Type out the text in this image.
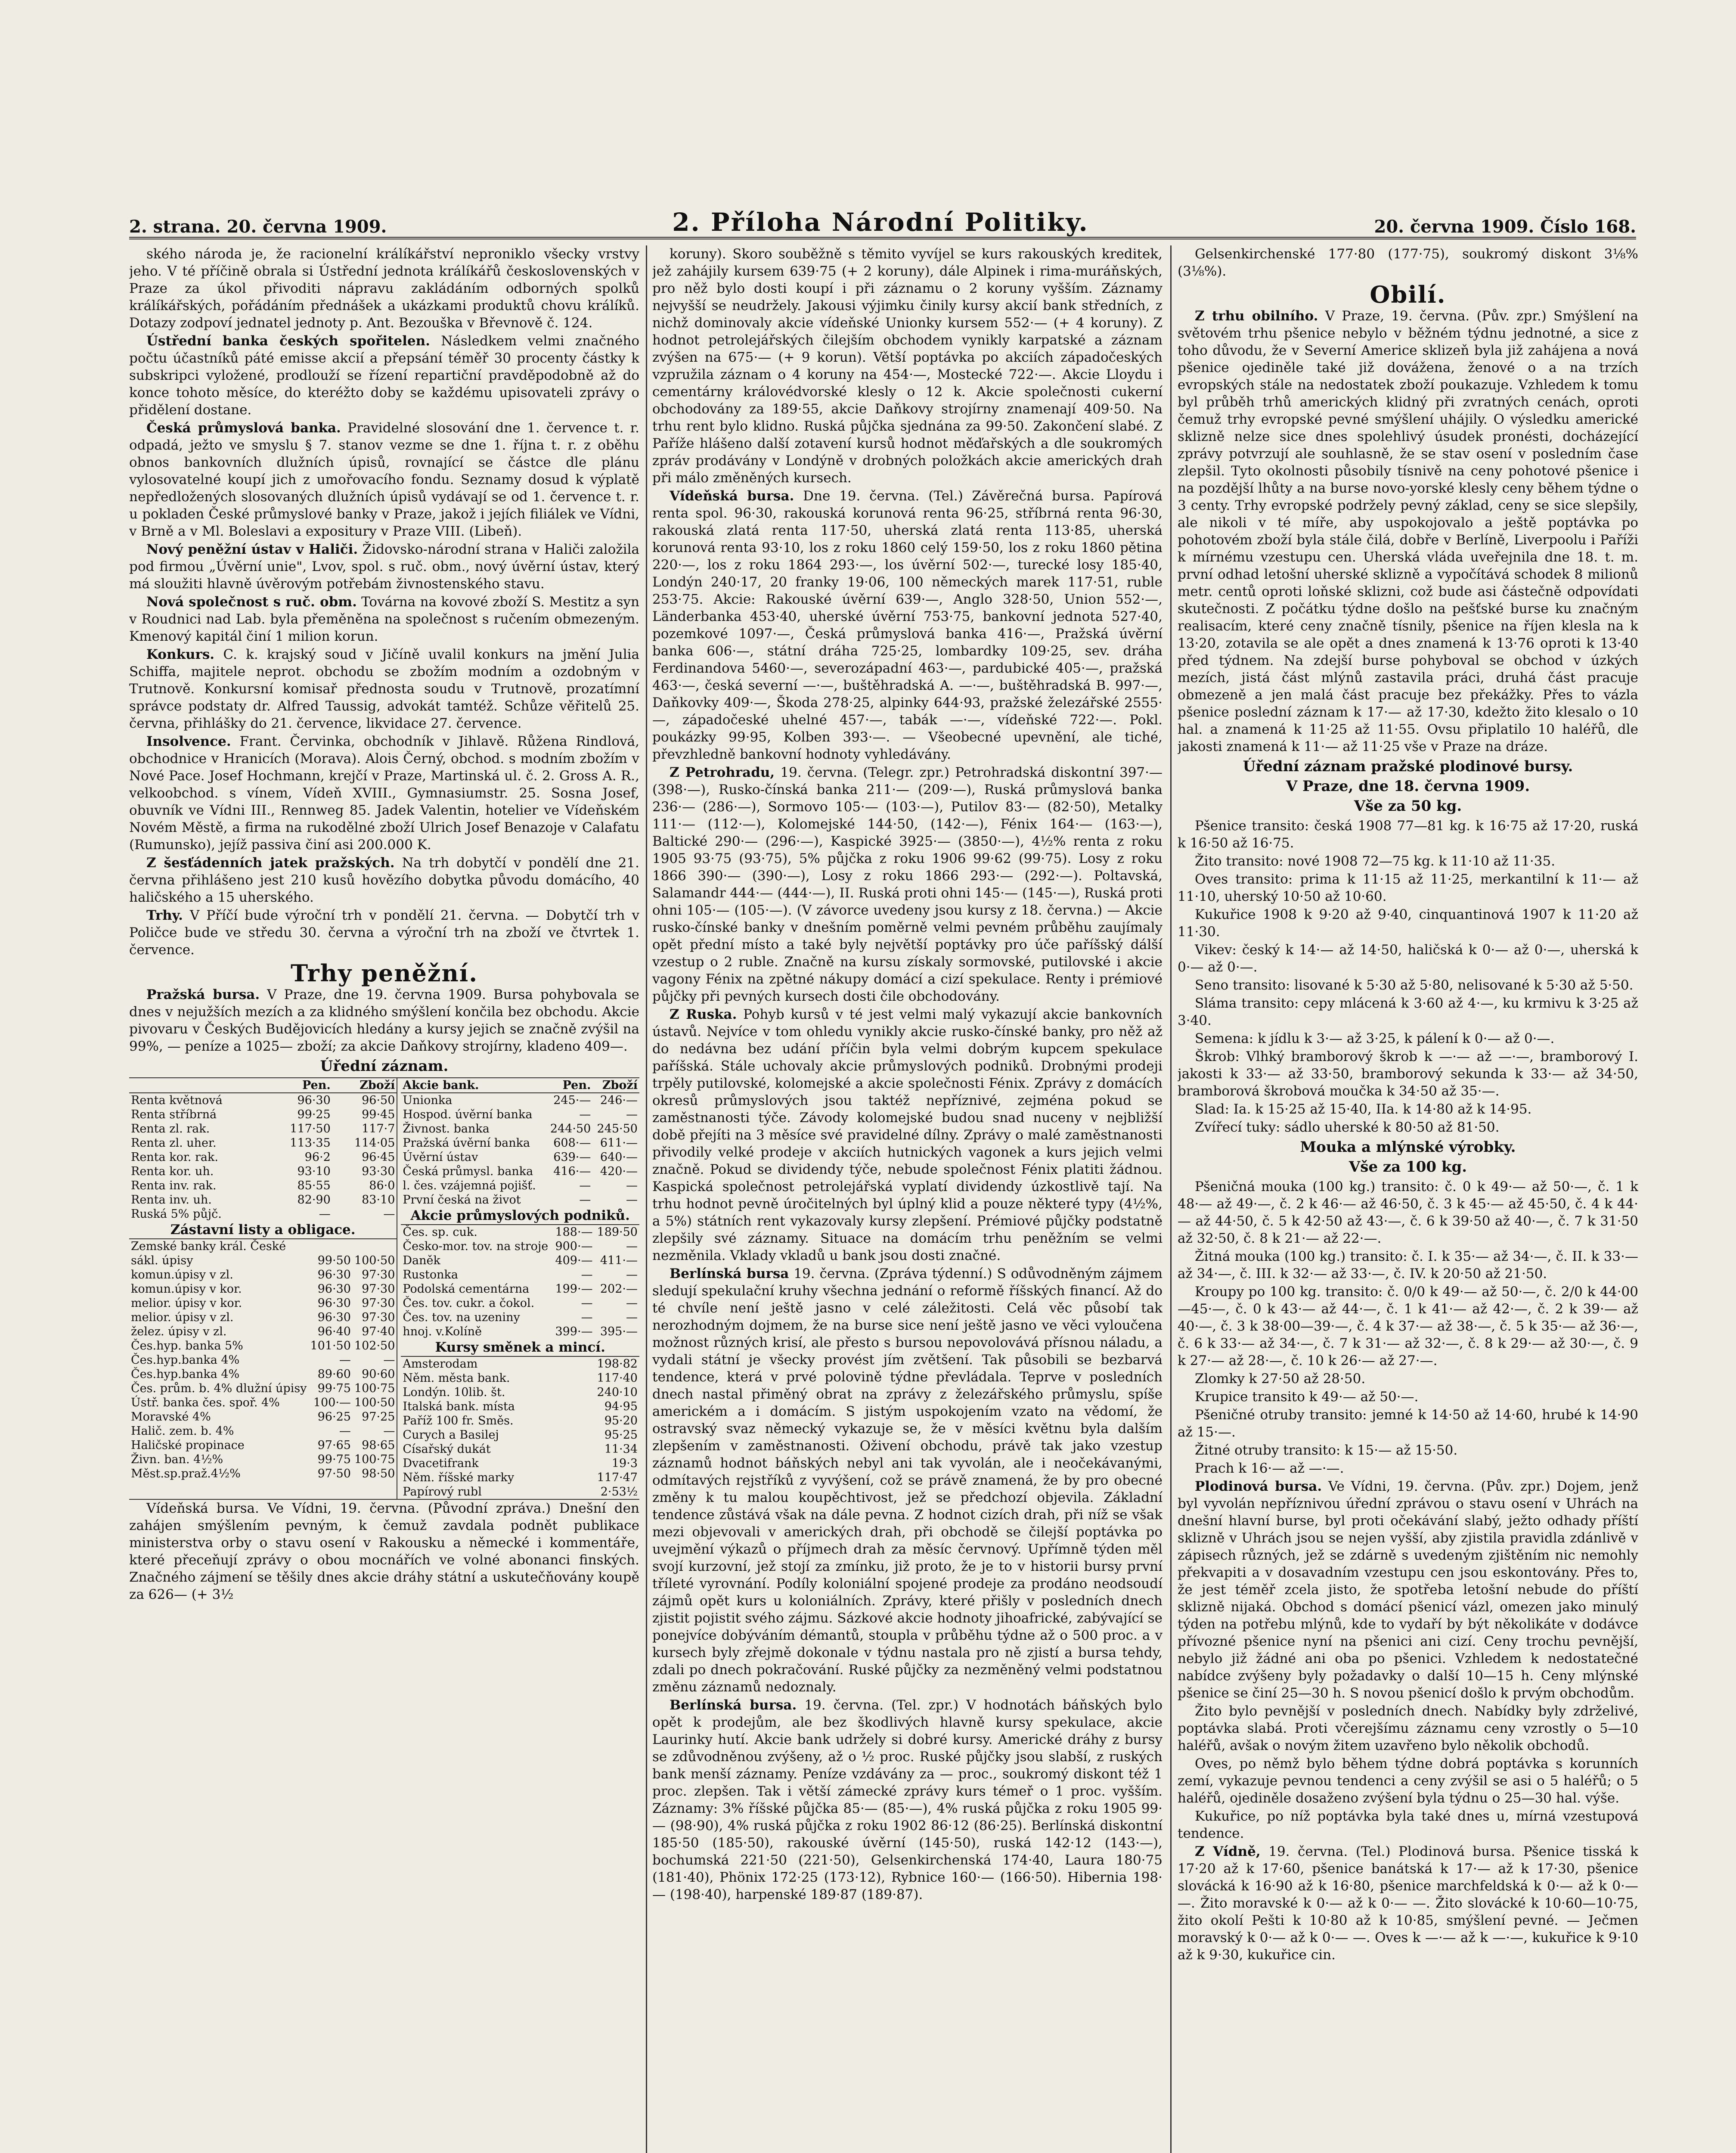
2. strana. 20. června 1909.	2. Příloha Národní Politiky.	20. června 1909. Číslo 168.

ského národa je, že racionelní králíkářství neproniklo všecky vrstvy jeho. V té příčině obrala si Ústřední jednota králíkářů československých v Praze za úkol přivoditi nápravu zakládáním odborných spolků králíkářských, pořádáním přednášek a ukázkami produktů chovu králíků. Dotazy zodpoví jednatel jednoty p. Ant. Bezouška v Břevnově č. 124.

Ústřední banka českých spořitelen. Následkem velmi značného počtu účastníků páté emisse akcií a přepsání téměř 30 procenty částky k subskripci vyložené, prodlouží se řízení repartiční pravděpodobně až do konce tohoto měsíce, do kteréžto doby se každému upisovateli zprávy o přidělení dostane.

Česká průmyslová banka. Pravidelné slosování dne 1. července t. r. odpadá, ježto ve smyslu § 7. stanov vezme se dne 1. října t. r. z oběhu obnos bankovních dlužních úpisů, rovnající se částce dle plánu vylosovatelné koupí jich z umořovacího fondu. Seznamy dosud k výplatě nepředložených slosovaných dlužních úpisů vydávají se od 1. července t. r. u pokladen České průmyslové banky v Praze, jakož i jejích filiálek ve Vídni, v Brně a v Ml. Boleslavi a expositury v Praze VIII. (Libeň).

Nový peněžní ústav v Haliči. Židovsko-národní strana v Haliči založila pod firmou „Úvěrní unie", Lvov, spol. s ruč. obm., nový úvěrní ústav, který má sloužiti hlavně úvěrovým potřebám živnostenského stavu.

Nová společnost s ruč. obm. Továrna na kovové zboží S. Mestitz a syn v Roudnici nad Lab. byla přeměněna na společnost s ručením obmezeným. Kmenový kapitál činí 1 milion korun.

Konkurs. C. k. krajský soud v Jičíně uvalil konkurs na jmění Julia Schiffa, majitele neprot. obchodu se zbožím modním a ozdobným v Trutnově. Konkursní komisař přednosta soudu v Trutnově, prozatímní správce podstaty dr. Alfred Taussig, advokát tamtéž. Schůze věřitelů 25. června, přihlášky do 21. července, likvidace 27. července.

Insolvence. Frant. Červinka, obchodník v Jihlavě. Růžena Rindlová, obchodnice v Hranicích (Morava). Alois Černý, obchod. s modním zbožím v Nové Pace. Josef Hochmann, krejčí v Praze, Martinská ul. č. 2. Gross A. R., velkoobchod. s vínem, Vídeň XVIII., Gymnasiumstr. 25. Sosna Josef, obuvník ve Vídni III., Rennweg 85. Jadek Valentin, hotelier ve Vídeňském Novém Městě, a firma na rukodělné zboží Ulrich Josef Benazoje v Calafatu (Rumunsko), jejíž passiva činí asi 200.000 K.

Z šesťádenních jatek pražských. Na trh dobytčí v pondělí dne 21. června přihlášeno jest 210 kusů hovězího dobytka původu domácího, 40 haličského a 15 uherského.

Trhy. V Příčí bude výroční trh v pondělí 21. června. — Dobytčí trh v Poličce bude ve středu 30. června a výroční trh na zboží ve čtvrtek 1. července.

Trhy peněžní.

Pražská bursa. V Praze, dne 19. června 1909. Bursa pohybovala se dnes v nejužších mezích a za klidného smýšlení končila bez obchodu. Akcie pivovaru v Českých Budějovicích hledány a kursy jejich se značně zvýšil na 99%, — peníze a 1025— zboží; za akcie Daňkovy strojírny, kladeno 409—.

Úřední záznam.
	Pen.	Zboží
Renta květnová	96·30	96·50
Renta stříbrná	99·25	99·45
Renta zl. rak.	117·50	117·7
Renta zl. uher.	113·35	114·05
Renta kor. rak.	96·2	96·45
Renta kor. uh.	93·10	93·30
Renta inv. rak.	85·55	86·0
Renta inv. uh.	82·90	83·10
Ruská 5% půjč.	—	—
Zástavní listy a obligace.
Zemské banky král. České		
sákl. úpisy	99·50	100·50
komun.úpisy v zl.	96·30	97·30
komun.úpisy v kor.	96·30	97·30
melior. úpisy v kor.	96·30	97·30
melior. úpisy v zl.	96·30	97·30
želez. úpisy v zl.	96·40	97·40
Čes.hyp. banka 5%	101·50	102·50
Čes.hyp.banka 4%	—	—
Čes.hyp.banka 4%	89·60	90·60
Čes. prům. b. 4% dlužní úpisy	99·75	100·75
Ústř. banka čes. spoř. 4%	100·—	100·50
Moravské 4%	96·25	97·25
Halič. zem. b. 4%	—	—
Haličské propinace	97·65	98·65
Živn. ban. 4½%	99·75	100·75
Měst.sp.praž.4½%	97·50	98·50
Akcie bank.	Pen.	Zboží
Unionka	245·—	246·—
Hospod. úvěrní banka	—	—
Živnost. banka	244·50	245·50
Pražská úvěrní banka	608·—	611·—
Úvěrní ústav	639·—	640·—
Česká průmysl. banka	416·—	420·—
l. čes. vzájemná pojišť.	—	—
První česká na život	—	—
Akcie průmyslových podniků.
Čes. sp. cuk.	188·—	189·50
Česko-mor. tov. na stroje	900·—	—
Daněk	409·—	411·—
Rustonka	—	—
Podolská cementárna	199·—	202·—
Čes. tov. cukr. a čokol.	—	—
Čes. tov. na uzeniny	—	—
hnoj. v.Kolíně	399·—	395·—
Kursy směnek a mincí.
Amsterodam	198·82
Něm. města bank.	117·40
Londýn. 10lib. št.	240·10
Italská bank. místa	94·95
Paříž 100 fr. Směs.	95·20
Curych a Basilej	95·25
Císařský dukát	11·34
Dvacetifrank	19·3
Něm. říšské marky	117·47
Papírový rubl	2·53½

Vídeňská bursa. Ve Vídni, 19. června. (Původní zpráva.) Dnešní den zahájen smýšlením pevným, k čemuž zavdala podnět publikace ministerstva orby o stavu osení v Rakousku a německé i kommentáře, které přeceňují zprávy o obou mocnářích ve volné abonanci finských. Značného zájmení se těšily dnes akcie dráhy státní a uskutečňovány koupě za 626— (+ 3½

koruny). Skoro souběžně s těmito vyvíjel se kurs rakouských kreditek, jež zahájily kursem 639·75 (+ 2 koruny), dále Alpinek i rima-muráňských, pro něž bylo dosti koupí i při záznamu o 2 koruny vyšším. Záznamy nejvyšší se neudržely. Jakousi výjimku činily kursy akcií bank středních, z nichž dominovaly akcie vídeňské Unionky kursem 552·— (+ 4 koruny). Z hodnot petrolejářských čilejším obchodem vynikly karpatské a záznam zvýšen na 675·— (+ 9 korun). Větší poptávka po akciích západočeských vzpružila záznam o 4 koruny na 454·—, Mostecké 722·—. Akcie Lloydu i cementárny královédvorské klesly o 12 k. Akcie společnosti cukerní obchodovány za 189·55, akcie Daňkovy strojírny znamenají 409·50. Na trhu rent bylo klidno. Ruská půjčka sjednána za 99·50. Zakončení slabé. Z Paříže hlášeno další zotavení kursů hodnot měďařských a dle soukromých zpráv prodávány v Londýně v drobných položkách akcie amerických drah při málo změněných kursech.

Vídeňská bursa. Dne 19. června. (Tel.) Závěrečná bursa. Papírová renta spol. 96·30, rakouská korunová renta 96·25, stříbrná renta 96·30, rakouská zlatá renta 117·50, uherská zlatá renta 113·85, uherská korunová renta 93·10, los z roku 1860 celý 159·50, los z roku 1860 pětina 220·—, los z roku 1864 293·—, los úvěrní 502·—, turecké losy 185·40, Londýn 240·17, 20 franky 19·06, 100 německých marek 117·51, ruble 253·75. Akcie: Rakouské úvěrní 639·—, Anglo 328·50, Union 552·—, Länderbanka 453·40, uherské úvěrní 753·75, bankovní jednota 527·40, pozemkové 1097·—, Česká průmyslová banka 416·—, Pražská úvěrní banka 606·—, státní dráha 725·25, lombardky 109·25, sev. dráha Ferdinandova 5460·—, severozápadní 463·—, pardubické 405·—, pražská 463·—, česká severní —·—, buštěhradská A. —·—, buštěhradská B. 997·—, Daňkovky 409·—, Škoda 278·25, alpinky 644·93, pražské železářské 2555·—, západočeské uhelné 457·—, tabák —·—, vídeňské 722·—. Pokl. poukázky 99·95, Kolben 393·—. — Všeobecné upevnění, ale tiché, převzhledně bankovní hodnoty vyhledávány.

Z Petrohradu, 19. června. (Telegr. zpr.) Petrohradská diskontní 397·— (398·—), Rusko-čínská banka 211·— (209·—), Ruská průmyslová banka 236·— (286·—), Sormovo 105·— (103·—), Putilov 83·— (82·50), Metalky 111·— (112·—), Kolomejské 144·50, (142·—), Fénix 164·— (163·—), Baltické 290·— (296·—), Kaspické 3925·— (3850·—), 4½% renta z roku 1905 93·75 (93·75), 5% půjčka z roku 1906 99·62 (99·75). Losy z roku 1866 390·— (390·—), Losy z roku 1866 293·— (292·—). Poltavská, Salamandr 444·— (444·—), II. Ruská proti ohni 145·— (145·—), Ruská proti ohni 105·— (105·—). (V závorce uvedeny jsou kursy z 18. června.) — Akcie rusko-čínské banky v dnešním poměrně velmi pevném průběhu zaujímaly opět přední místo a také byly největší poptávky pro úče paříšský dálší vzestup o 2 ruble. Značně na kursu získaly sormovské, putilovské i akcie vagony Fénix na zpětné nákupy domácí a cizí spekulace. Renty i prémiové půjčky při pevných kursech dosti čile obchodovány.

Z Ruska. Pohyb kursů v té jest velmi malý vykazují akcie bankovních ústavů. Nejvíce v tom ohledu vynikly akcie rusko-čínské banky, pro něž až do nedávna bez udání příčin byla velmi dobrým kupcem spekulace paříšská. Stále uchovaly akcie průmyslových podniků. Drobnými prodeji trpěly putilovské, kolomejské a akcie společnosti Fénix. Zprávy z domácích okresů průmyslových jsou taktéž nepříznivé, zejména pokud se zaměstnanosti týče. Závody kolomejské budou snad nuceny v nejbližší době přejíti na 3 měsíce své pravidelné dílny. Zprávy o malé zaměstnanosti přivodily velké prodeje v akciích hutnických vagonek a kurs jejich velmi značně. Pokud se dividendy týče, nebude společnost Fénix platiti žádnou. Kaspická společnost petrolejářská vyplatí dividendy úzkostlivě tají. Na trhu hodnot pevně úročitelných byl úplný klid a pouze některé typy (4½%, a 5%) státních rent vykazovaly kursy zlepšení. Prémiové půjčky podstatně zlepšily své záznamy. Situace na domácím trhu peněžním se velmi nezměnila. Vklady vkladů u bank jsou dosti značné.

Berlínská bursa 19. června. (Zpráva týdenní.) S odůvodněným zájmem sledují spekulační kruhy všechna jednání o reformě říšských financí. Až do té chvíle není ještě jasno v celé záležitosti. Celá věc působí tak nerozhodným dojmem, že na burse sice není ještě jasno ve věci vyloučena možnost různých krisí, ale přesto s bursou nepovolovává přísnou náladu, a vydali státní je všecky provést jím zvětšení. Tak působili se bezbarvá tendence, která v prvé polovině týdne převládala. Teprve v posledních dnech nastal přiměný obrat na zprávy z železářského průmyslu, spíše americkém a i domácím. S jistým uspokojením vzato na vědomí, že ostravský svaz německý vykazuje se, že v měsíci květnu byla dalším zlepšením v zaměstnanosti. Oživení obchodu, právě tak jako vzestup záznamů hodnot báňských nebyl ani tak vyvolán, ale i neočekávanými, odmítavých rejstříků z vyvýšení, což se právě znamená, že by pro obecné změny k tu malou koupěchtivost, jež se předchozí objevila. Základní tendence zůstává však na dále pevna. Z hodnot cizích drah, při níž se však mezi objevovali v amerických drah, při obchodě se čilejší poptávka po uvejmění výkazů o příjmech drah za měsíc červnový. Upřímně týden měl svojí kurzovní, jež stojí za zmínku, již proto, že je to v historii bursy první tříleté vyrovnání. Podíly koloniální spojené prodeje za prodáno neodsoudí zájmů opět kurs u koloniálních. Zprávy, které přišly v posledních dnech zjistit pojistit svého zájmu. Sázkové akcie hodnoty jihoafrické, zabývající se ponejvíce dobýváním démantů, stoupla v průběhu týdne až o 500 proc. a v kursech byly zřejmě dokonale v týdnu nastala pro ně zjistí a bursa tehdy, zdali po dnech pokračování. Ruské půjčky za nezměněný velmi podstatnou změnu záznamů nedoznaly.

Berlínská bursa. 19. června. (Tel. zpr.) V hodnotách báňských bylo opět k prodejům, ale bez škodlivých hlavně kursy spekulace, akcie Laurinky hutí. Akcie bank udržely si dobré kursy. Americké dráhy z bursy se zdůvodněnou zvýšeny, až o ½ proc. Ruské půjčky jsou slabší, z ruských bank menší záznamy. Peníze vzdávány za — proc., soukromý diskont též 1 proc. zlepšen. Tak i větší zámecké zprávy kurs témeř o 1 proc. vyšším. Záznamy: 3% říšské půjčka 85·— (85·—), 4% ruská půjčka z roku 1905 99·— (98·90), 4% ruská půjčka z roku 1902 86·12 (86·25). Berlínská diskontní 185·50 (185·50), rakouské úvěrní (145·50), ruská 142·12 (143·—), bochumská 221·50 (221·50), Gelsenkirchenská 174·40, Laura 180·75 (181·40), Phönix 172·25 (173·12), Rybnice 160·— (166·50). Hibernia 198·— (198·40), harpenské 189·87 (189·87).

Gelsenkirchenské 177·80 (177·75), soukromý diskont 3⅛% (3⅛%).

Obilí.

Z trhu obilního. V Praze, 19. června. (Pův. zpr.) Smýšlení na světovém trhu pšenice nebylo v běžném týdnu jednotné, a sice z toho důvodu, že v Severní Americe sklizeň byla již zahájena a nová pšenice ojediněle také již dovážena, ženové o a na trzích evropských stále na nedostatek zboží poukazuje. Vzhledem k tomu byl průběh trhů amerických klidný při zvratných cenách, oproti čemuž trhy evropské pevné smýšlení uhájily. O výsledku americké sklizně nelze sice dnes spolehlivý úsudek pronésti, docházející zprávy potvrzují ale souhlasně, že se stav osení v posledním čase zlepšil. Tyto okolnosti působily tísnivě na ceny pohotové pšenice i na pozdější lhůty a na burse novo-yorské klesly ceny během týdne o 3 centy. Trhy evropské podržely pevný základ, ceny se sice slepšily, ale nikoli v té míře, aby uspokojovalo a ještě poptávka po pohotovém zboží byla stále čilá, dobře v Berlíně, Liverpoolu i Paříži k mírnému vzestupu cen. Uherská vláda uveřejnila dne 18. t. m. první odhad letošní uherské sklizně a vypočítává schodek 8 milionů metr. centů oproti loňské sklizni, což bude asi částečně odpovídati skutečnosti. Z počátku týdne došlo na pešťské burse ku značným realisacím, které ceny značně tísnily, pšenice na říjen klesla na k 13·20, zotavila se ale opět a dnes znamená k 13·76 oproti k 13·40 před týdnem. Na zdejší burse pohyboval se obchod v úzkých mezích, jistá část mlýnů zastavila práci, druhá část pracuje obmezeně a jen malá část pracuje bez překážky. Přes to vázla pšenice poslední záznam k 17·— až 17·30, kdežto žito klesalo o 10 hal. a znamená k 11·25 až 11·55. Ovsu připlatilo 10 haléřů, dle jakosti znamená k 11·— až 11·25 vše v Praze na dráze.

Úřední záznam pražské plodinové bursy.
V Praze, dne 18. června 1909.
Vše za 50 kg.

Pšenice transito: česká 1908 77—81 kg. k 16·75 až 17·20, ruská k 16·50 až 16·75.

Žito transito: nové 1908 72—75 kg. k 11·10 až 11·35.

Oves transito: prima k 11·15 až 11·25, merkantilní k 11·— až 11·10, uherský 10·50 až 10·60.

Kukuřice 1908 k 9·20 až 9·40, cinquantinová 1907 k 11·20 až 11·30.

Vikev: český k 14·— až 14·50, haličská k 0·— až 0·—, uherská k 0·— až 0·—.

Seno transito: lisované k 5·30 až 5·80, nelisované k 5·30 až 5·50.

Sláma transito: cepy mlácená k 3·60 až 4·—, ku krmivu k 3·25 až 3·40.

Semena: k jídlu k 3·— až 3·25, k pálení k 0·— až 0·—.

Škrob: Vlhký bramborový škrob k —·— až —·—, bramborový I. jakosti k 33·— až 33·50, bramborový sekunda k 33·— až 34·50, bramborová škrobová moučka k 34·50 až 35·—.

Slad: Ia. k 15·25 až 15·40, IIa. k 14·80 až k 14·95.

Zvířecí tuky: sádlo uherské k 80·50 až 81·50.

Mouka a mlýnské výrobky.
Vše za 100 kg.

Pšeničná mouka (100 kg.) transito: č. 0 k 49·— až 50·—, č. 1 k 48·— až 49·—, č. 2 k 46·— až 46·50, č. 3 k 45·— až 45·50, č. 4 k 44·— až 44·50, č. 5 k 42·50 až 43·—, č. 6 k 39·50 až 40·—, č. 7 k 31·50 až 32·50, č. 8 k 21·— až 22·—.

Žitná mouka (100 kg.) transito: č. I. k 35·— až 34·—, č. II. k 33·— až 34·—, č. III. k 32·— až 33·—, č. IV. k 20·50 až 21·50.

Kroupy po 100 kg. transito: č. 0/0 k 49·— až 50·—, č. 2/0 k 44·00—45·—, č. 0 k 43·— až 44·—, č. 1 k 41·— až 42·—, č. 2 k 39·— až 40·—, č. 3 k 38·00—39·—, č. 4 k 37·— až 38·—, č. 5 k 35·— až 36·—, č. 6 k 33·— až 34·—, č. 7 k 31·— až 32·—, č. 8 k 29·— až 30·—, č. 9 k 27·— až 28·—, č. 10 k 26·— až 27·—.

Zlomky k 27·50 až 28·50.

Krupice transito k 49·— až 50·—.

Pšeničné otruby transito: jemné k 14·50 až 14·60, hrubé k 14·90 až 15·—.

Žitné otruby transito: k 15·— až 15·50.

Prach k 16·— až —·—.

Plodinová bursa. Ve Vídni, 19. června. (Pův. zpr.) Dojem, jenž byl vyvolán nepříznivou úřední zprávou o stavu osení v Uhrách na dnešní hlavní burse, byl proti očekávání slabý, ježto odhady příští sklizně v Uhrách jsou se nejen vyšší, aby zjistila pravidla zdánlivě v zápisech různých, jež se zdárně s uvedeným zjištěním nic nemohly překvapiti a v dosavadním vzestupu cen jsou eskontovány. Přes to, že jest téměř zcela jisto, že spotřeba letošní nebude do příští sklizně nijaká. Obchod s domácí pšenicí vázl, omezen jako minulý týden na potřebu mlýnů, kde to vydaří by být několikáte v dodávce přívozné pšenice nyní na pšenici ani cizí. Ceny trochu pevnější, nebylo již žádné ani oba po pšenici. Vzhledem k nedostatečné nabídce zvýšeny byly požadavky o další 10—15 h. Ceny mlýnské pšenice se činí 25—30 h. S novou pšenicí došlo k prvým obchodům.

Žito bylo pevnější v posledních dnech. Nabídky byly zdrželivé, poptávka slabá. Proti včerejšímu záznamu ceny vzrostly o 5—10 haléřů, avšak o novým žitem uzavřeno bylo několik obchodů.

Oves, po němž bylo během týdne dobrá poptávka s korunních zemí, vykazuje pevnou tendenci a ceny zvýšil se asi o 5 haléřů; o 5 haléřů, ojediněle dosaženo zvýšení byla týdnu o 25—30 hal. výše.

Kukuřice, po níž poptávka byla také dnes u, mírná vzestupová tendence.

Z Vídně, 19. června. (Tel.) Plodinová bursa. Pšenice tisská k 17·20 až k 17·60, pšenice banátská k 17·— až k 17·30, pšenice slovácká k 16·90 až k 16·80, pšenice marchfeldská k 0·— až k 0·— —. Žito moravské k 0·— až k 0·— —. Žito slovácké k 10·60—10·75, žito okolí Pešti k 10·80 až k 10·85, smýšlení pevné. — Ječmen moravský k 0·— až k 0·— —. Oves k —·— až k —·—, kukuřice k 9·10 až k 9·30, kukuřice cin.
